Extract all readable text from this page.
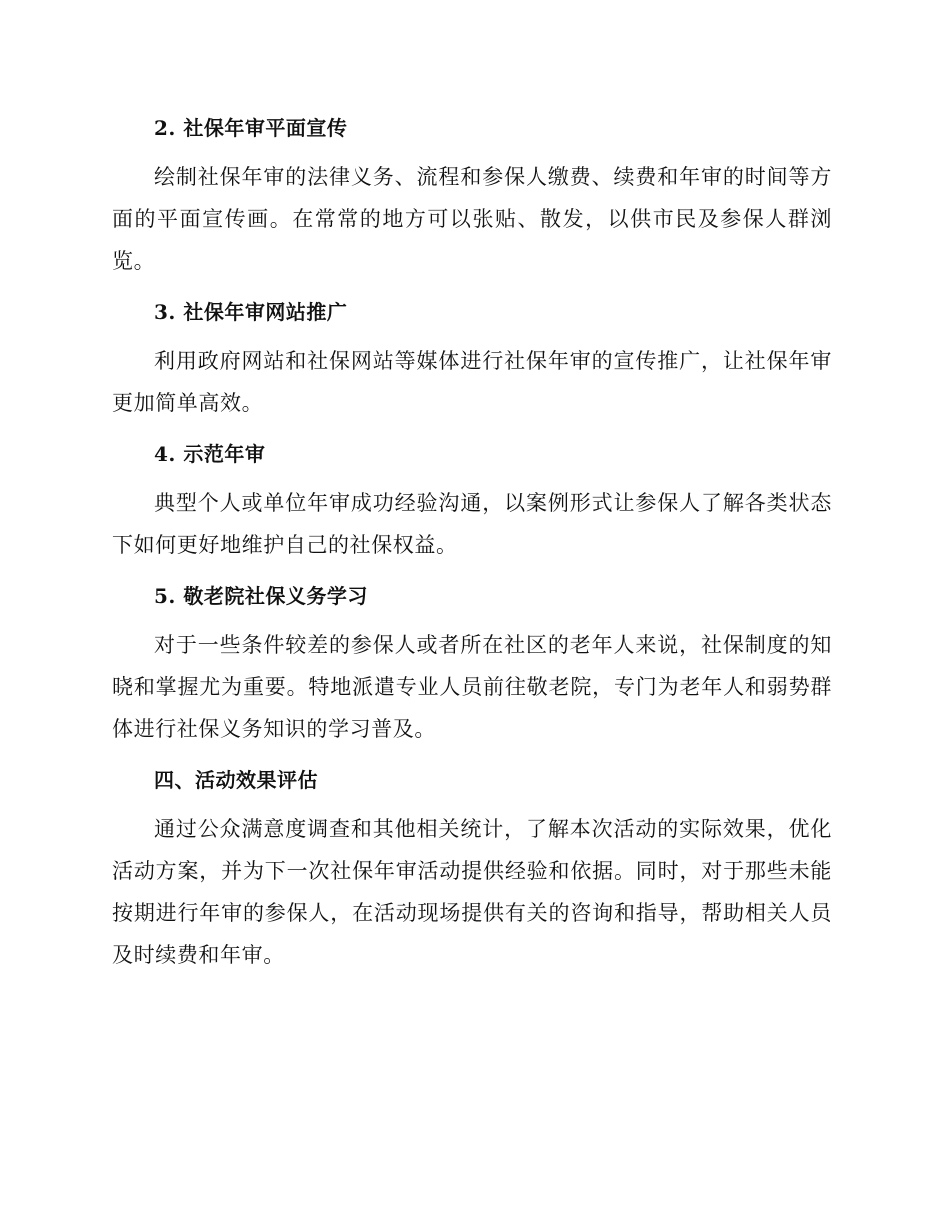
2. 社保年审平面宣传

绘制社保年审的法律义务、流程和参保人缴费、续费和年审的时间等方面的平面宣传画。在常常的地方可以张贴、散发，以供市民及参保人群浏览。

3. 社保年审网站推广

利用政府网站和社保网站等媒体进行社保年审的宣传推广，让社保年审更加简单高效。

4. 示范年审

典型个人或单位年审成功经验沟通，以案例形式让参保人了解各类状态下如何更好地维护自己的社保权益。

5. 敬老院社保义务学习

对于一些条件较差的参保人或者所在社区的老年人来说，社保制度的知晓和掌握尤为重要。特地派遣专业人员前往敬老院，专门为老年人和弱势群体进行社保义务知识的学习普及。

四、活动效果评估

通过公众满意度调查和其他相关统计，了解本次活动的实际效果，优化活动方案，并为下一次社保年审活动提供经验和依据。同时，对于那些未能按期进行年审的参保人，在活动现场提供有关的咨询和指导，帮助相关人员及时续费和年审。
